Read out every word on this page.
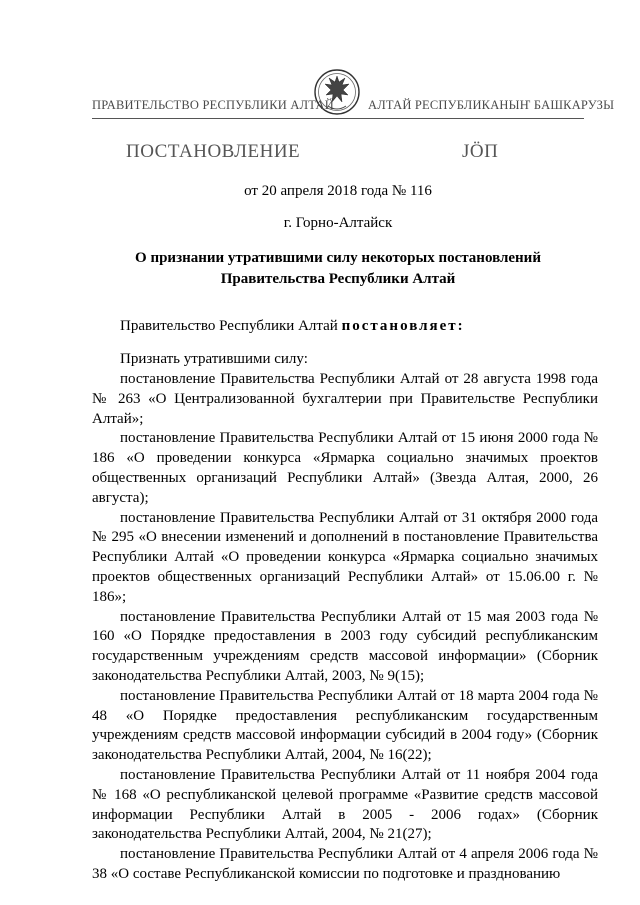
ПРАВИТЕЛЬСТВО РЕСПУБЛИКИ АЛТАЙ	АЛТАЙ РЕСПУБЛИКАНЫҤ БАШКАРУЗЫ
ПОСТАНОВЛЕНИЕ	JÖП
от 20 апреля 2018 года № 116
г. Горно-Алтайск
О признании утратившими силу некоторых постановлений
Правительства Республики Алтай
Правительство Республики Алтай постановляет:
Признать утратившими силу:

постановление Правительства Республики Алтай от 28 августа 1998 года № 263 «О Централизованной бухгалтерии при Правительстве Республики Алтай»;

постановление Правительства Республики Алтай от 15 июня 2000 года № 186 «О проведении конкурса «Ярмарка социально значимых проектов общественных организаций Республики Алтай» (Звезда Алтая, 2000, 26 августа);

постановление Правительства Республики Алтай от 31 октября 2000 года № 295 «О внесении изменений и дополнений в постановление Правительства Республики Алтай «О проведении конкурса «Ярмарка социально значимых проектов общественных организаций Республики Алтай» от 15.06.00 г. № 186»;

постановление Правительства Республики Алтай от 15 мая 2003 года № 160 «О Порядке предоставления в 2003 году субсидий республиканским государственным учреждениям средств массовой информации» (Сборник законодательства Республики Алтай, 2003, № 9(15);

постановление Правительства Республики Алтай от 18 марта 2004 года № 48 «О Порядке предоставления республиканским государственным учреждениям средств массовой информации субсидий в 2004 году» (Сборник законодательства Республики Алтай, 2004, № 16(22);

постановление Правительства Республики Алтай от 11 ноября 2004 года № 168 «О республиканской целевой программе «Развитие средств массовой информации Республики Алтай в 2005 - 2006 годах» (Сборник законодательства Республики Алтай, 2004, № 21(27);

постановление Правительства Республики Алтай от 4 апреля 2006 года № 38 «О составе Республиканской комиссии по подготовке и празднованию
